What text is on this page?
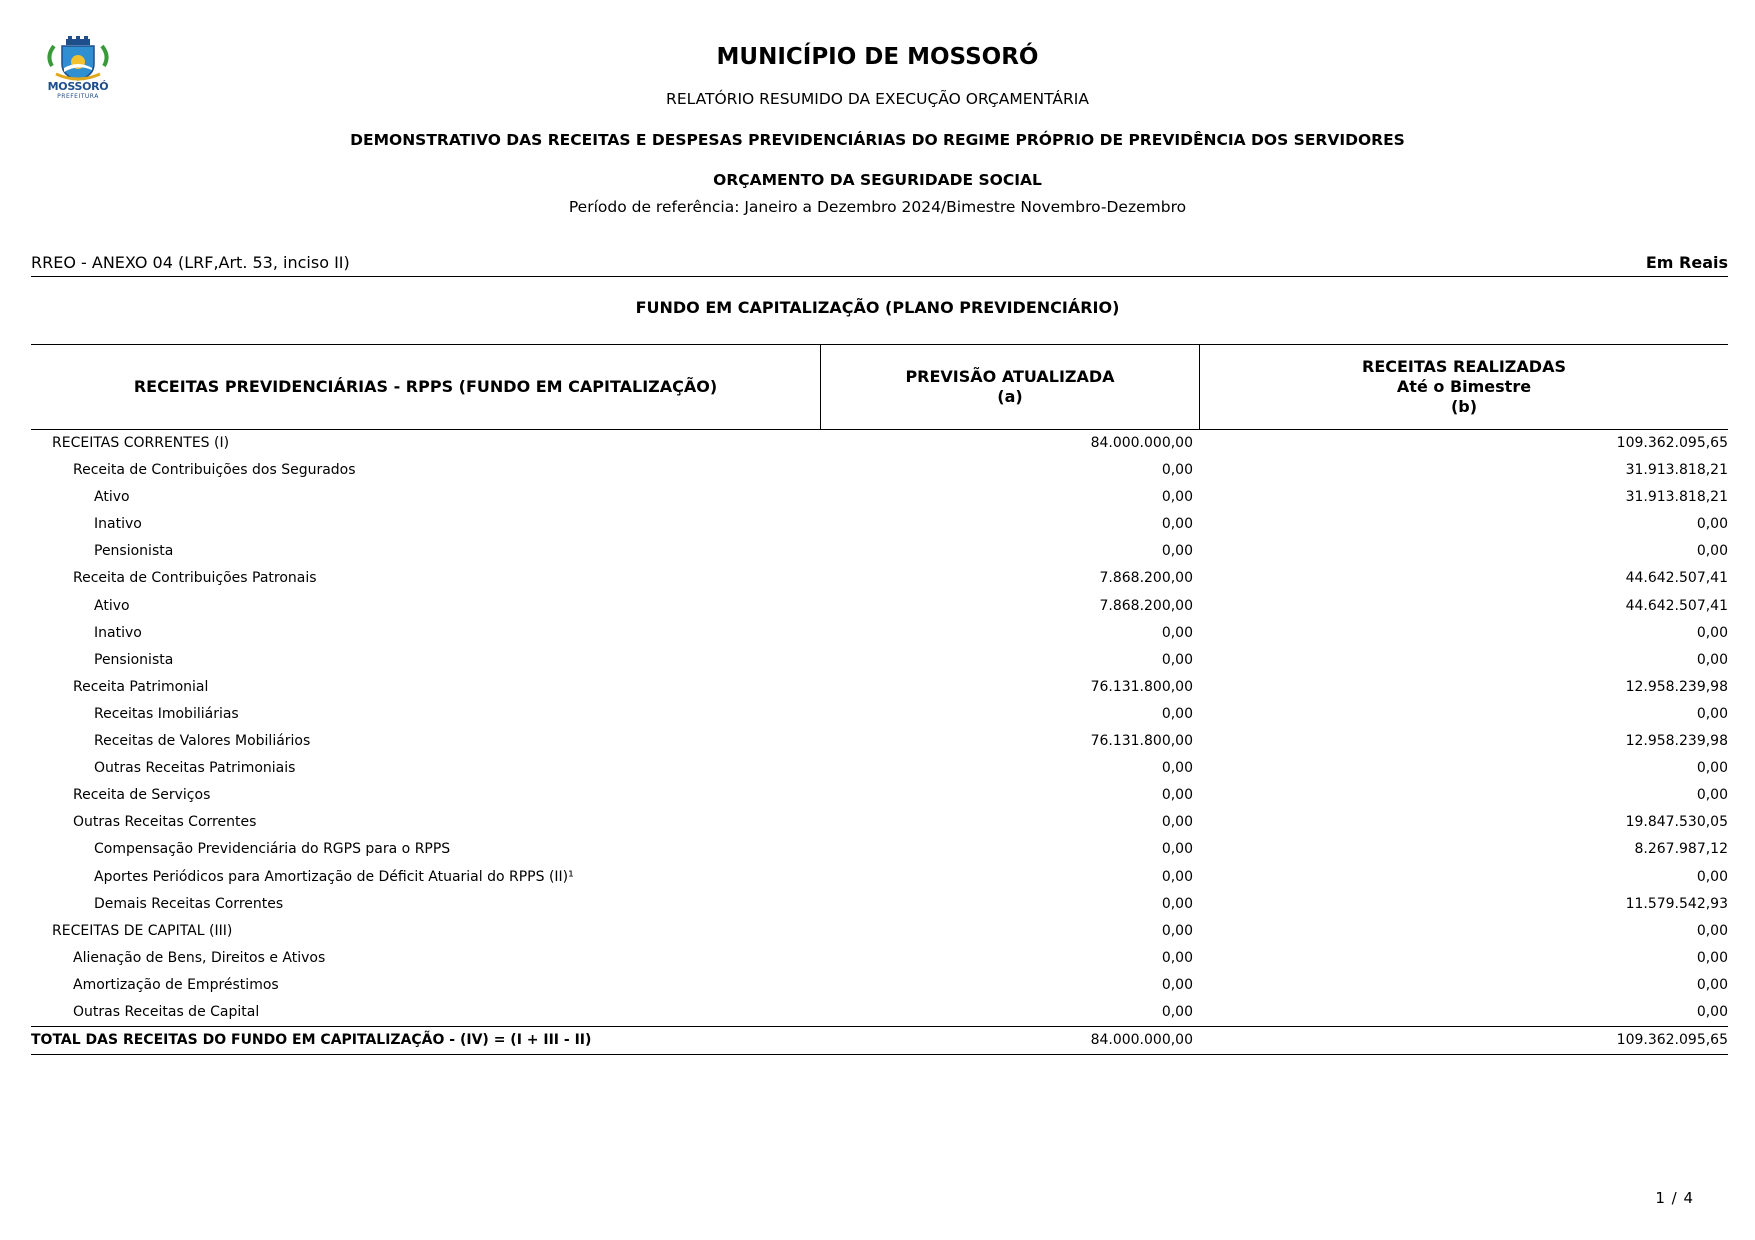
MOSSORÓ
PREFEITURA
MUNICÍPIO DE MOSSORÓ
RELATÓRIO RESUMIDO DA EXECUÇÃO ORÇAMENTÁRIA
DEMONSTRATIVO DAS RECEITAS E DESPESAS PREVIDENCIÁRIAS DO REGIME PRÓPRIO DE PREVIDÊNCIA DOS SERVIDORES
ORÇAMENTO DA SEGURIDADE SOCIAL
Período de referência: Janeiro a Dezembro 2024/Bimestre Novembro-Dezembro
RREO - ANEXO 04 (LRF,Art. 53, inciso II)	Em Reais
FUNDO EM CAPITALIZAÇÃO (PLANO PREVIDENCIÁRIO)
RECEITAS PREVIDENCIÁRIAS - RPPS (FUNDO EM CAPITALIZAÇÃO)
PREVISÃO ATUALIZADA
(a)
RECEITAS REALIZADAS
Até o Bimestre
(b)
RECEITAS CORRENTES (I)	84.000.000,00	109.362.095,65
Receita de Contribuições dos Segurados	0,00	31.913.818,21
Ativo	0,00	31.913.818,21
Inativo	0,00	0,00
Pensionista	0,00	0,00
Receita de Contribuições Patronais	7.868.200,00	44.642.507,41
Ativo	7.868.200,00	44.642.507,41
Inativo	0,00	0,00
Pensionista	0,00	0,00
Receita Patrimonial	76.131.800,00	12.958.239,98
Receitas Imobiliárias	0,00	0,00
Receitas de Valores Mobiliários	76.131.800,00	12.958.239,98
Outras Receitas Patrimoniais	0,00	0,00
Receita de Serviços	0,00	0,00
Outras Receitas Correntes	0,00	19.847.530,05
Compensação Previdenciária do RGPS para o RPPS	0,00	8.267.987,12
Aportes Periódicos para Amortização de Déficit Atuarial do RPPS (II)¹	0,00	0,00
Demais Receitas Correntes	0,00	11.579.542,93
RECEITAS DE CAPITAL (III)	0,00	0,00
Alienação de Bens, Direitos e Ativos	0,00	0,00
Amortização de Empréstimos	0,00	0,00
Outras Receitas de Capital	0,00	0,00
TOTAL DAS RECEITAS DO FUNDO EM CAPITALIZAÇÃO - (IV) = (I + III - II)	84.000.000,00	109.362.095,65
1 / 4
